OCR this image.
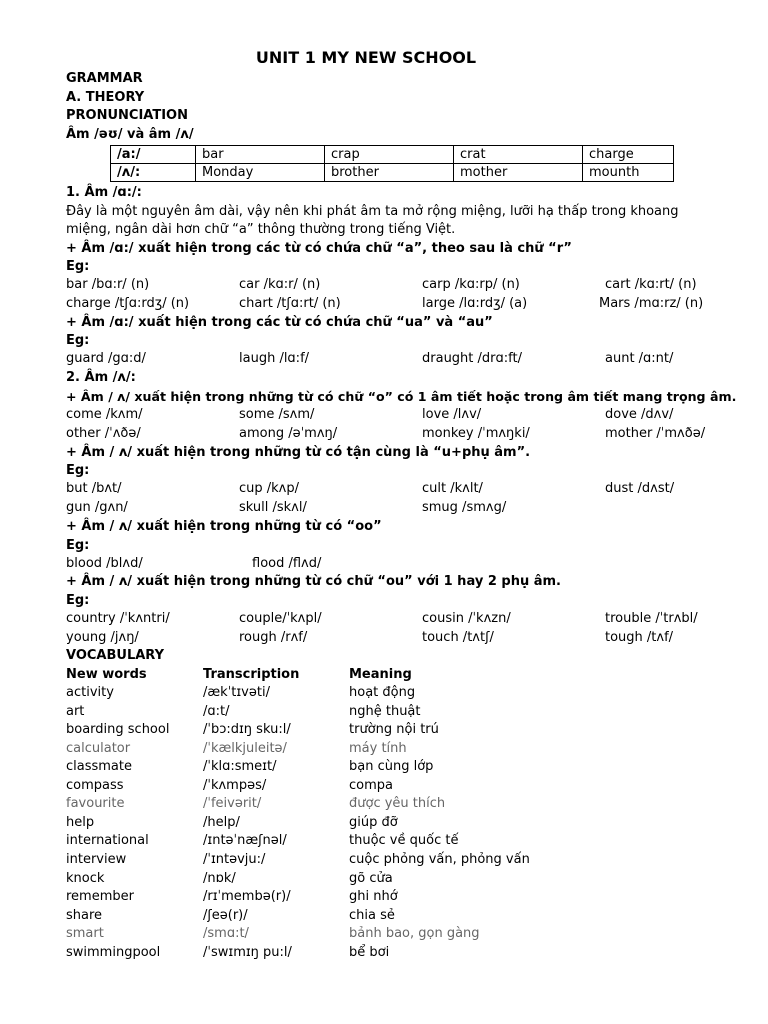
UNIT 1 MY NEW SCHOOL
GRAMMAR
A. THEORY
PRONUNCIATION
Âm /əʊ/ và âm /ʌ/
/a:/	bar	crap	crat	charge
/ʌ/:	Monday	brother	mother	mounth
1. Âm /ɑ:/:
Đây là một nguyên âm dài, vậy nên khi phát âm ta mở rộng miệng, lưỡi hạ thấp trong khoang
miệng, ngân dài hơn chữ “a” thông thường trong tiếng Việt.
+ Âm /ɑ:/ xuất hiện trong các từ có chứa chữ “a”, theo sau là chữ “r”
Eg:
bar /bɑ:r/ (n)	car /kɑ:r/ (n)	carp /kɑ:rp/ (n)	cart /kɑ:rt/ (n)
charge /tʃɑ:rdʒ/ (n)	chart /tʃɑ:rt/ (n)	large /lɑ:rdʒ/ (a)	Mars /mɑ:rz/ (n)
+ Âm /ɑ:/ xuất hiện trong các từ có chứa chữ “ua” và “au”
Eg:
guard /gɑ:d/	laugh /lɑ:f/	draught /drɑ:ft/	aunt /ɑ:nt/
2. Âm /ʌ/:
+ Âm / ʌ/ xuất hiện trong những từ có chữ “o” có 1 âm tiết hoặc trong âm tiết mang trọng âm.
come /kʌm/	some /sʌm/	love /lʌv/	dove /dʌv/
other /ˈʌðə/	among /əˈmʌŋ/	monkey /ˈmʌŋki/	mother /ˈmʌðə/
+ Âm / ʌ/ xuất hiện trong những từ có tận cùng là “u+phụ âm”.
Eg:
but /bʌt/	cup /kʌp/	cult /kʌlt/	dust /dʌst/
gun /gʌn/	skull /skʌl/	smug /smʌg/
+ Âm / ʌ/ xuất hiện trong những từ có “oo”
Eg:
blood /blʌd/	flood /flʌd/
+ Âm / ʌ/ xuất hiện trong những từ có chữ “ou” với 1 hay 2 phụ âm.
Eg:
country /ˈkʌntri/	couple/ˈkʌpl/	cousin /ˈkʌzn/	trouble /ˈtrʌbl/
young /jʌŋ/	rough /rʌf/	touch /tʌtʃ/	tough /tʌf/
VOCABULARY
New words	Transcription	Meaning
activity	/ækˈtɪvəti/	hoạt động
art	/ɑ:t/	nghệ thuật
boarding school	/ˈbɔ:dɪŋ sku:l/	trường nội trú
calculator	/ˈkælkjuleitə/	máy tính
classmate	/ˈklɑ:smeɪt/	bạn cùng lớp
compass	/ˈkʌmpəs/	compa
favourite	/ˈfeivərit/	được yêu thích
help	/help/	giúp đỡ
international	/ɪntəˈnæʃnəl/	thuộc về quốc tế
interview	/ˈɪntəvju:/	cuộc phỏng vấn, phỏng vấn
knock	/nɒk/	gõ cửa
remember	/rɪˈmembə(r)/	ghi nhớ
share	/ʃeə(r)/	chia sẻ
smart	/smɑ:t/	bảnh bao, gọn gàng
swimmingpool	/ˈswɪmɪŋ pu:l/	bể bơi
